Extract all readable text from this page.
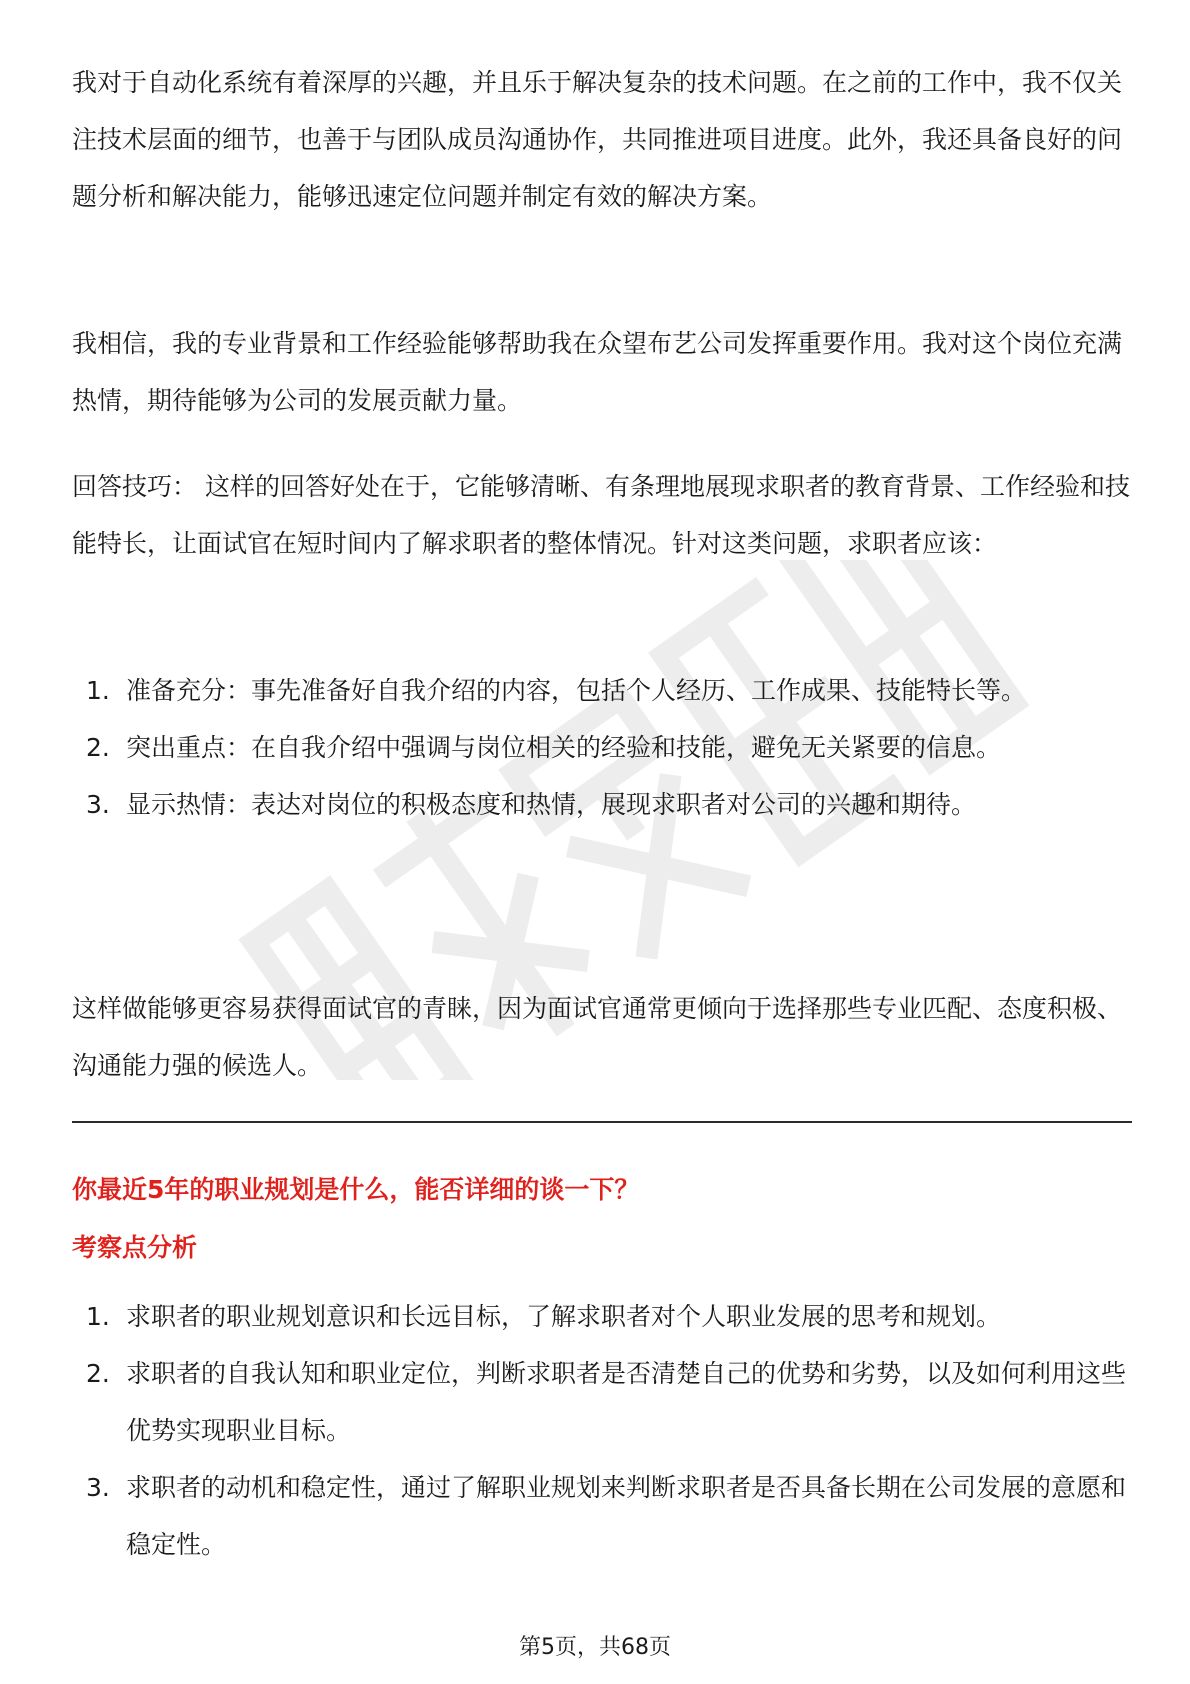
我对于自动化系统有着深厚的兴趣，并且乐于解决复杂的技术问题。在之前的工作中，我不仅关注技术层面的细节，也善于与团队成员沟通协作，共同推进项目进度。此外，我还具备良好的问题分析和解决能力，能够迅速定位问题并制定有效的解决方案。

我相信，我的专业背景和工作经验能够帮助我在众望布艺公司发挥重要作用。我对这个岗位充满热情，期待能够为公司的发展贡献力量。

回答技巧： 这样的回答好处在于，它能够清晰、有条理地展现求职者的教育背景、工作经验和技能特长，让面试官在短时间内了解求职者的整体情况。针对这类问题，求职者应该：

1. 准备充分：事先准备好自我介绍的内容，包括个人经历、工作成果、技能特长等。
2. 突出重点：在自我介绍中强调与岗位相关的经验和技能，避免无关紧要的信息。
3. 显示热情：表达对岗位的积极态度和热情，展现求职者对公司的兴趣和期待。

这样做能够更容易获得面试官的青睐，因为面试官通常更倾向于选择那些专业匹配、态度积极、沟通能力强的候选人。

你最近5年的职业规划是什么，能否详细的谈一下？
考察点分析
1. 求职者的职业规划意识和长远目标，了解求职者对个人职业发展的思考和规划。
2. 求职者的自我认知和职业定位，判断求职者是否清楚自己的优势和劣势，以及如何利用这些优势实现职业目标。
3. 求职者的动机和稳定性，通过了解职业规划来判断求职者是否具备长期在公司发展的意愿和稳定性。
第5页，共68页
